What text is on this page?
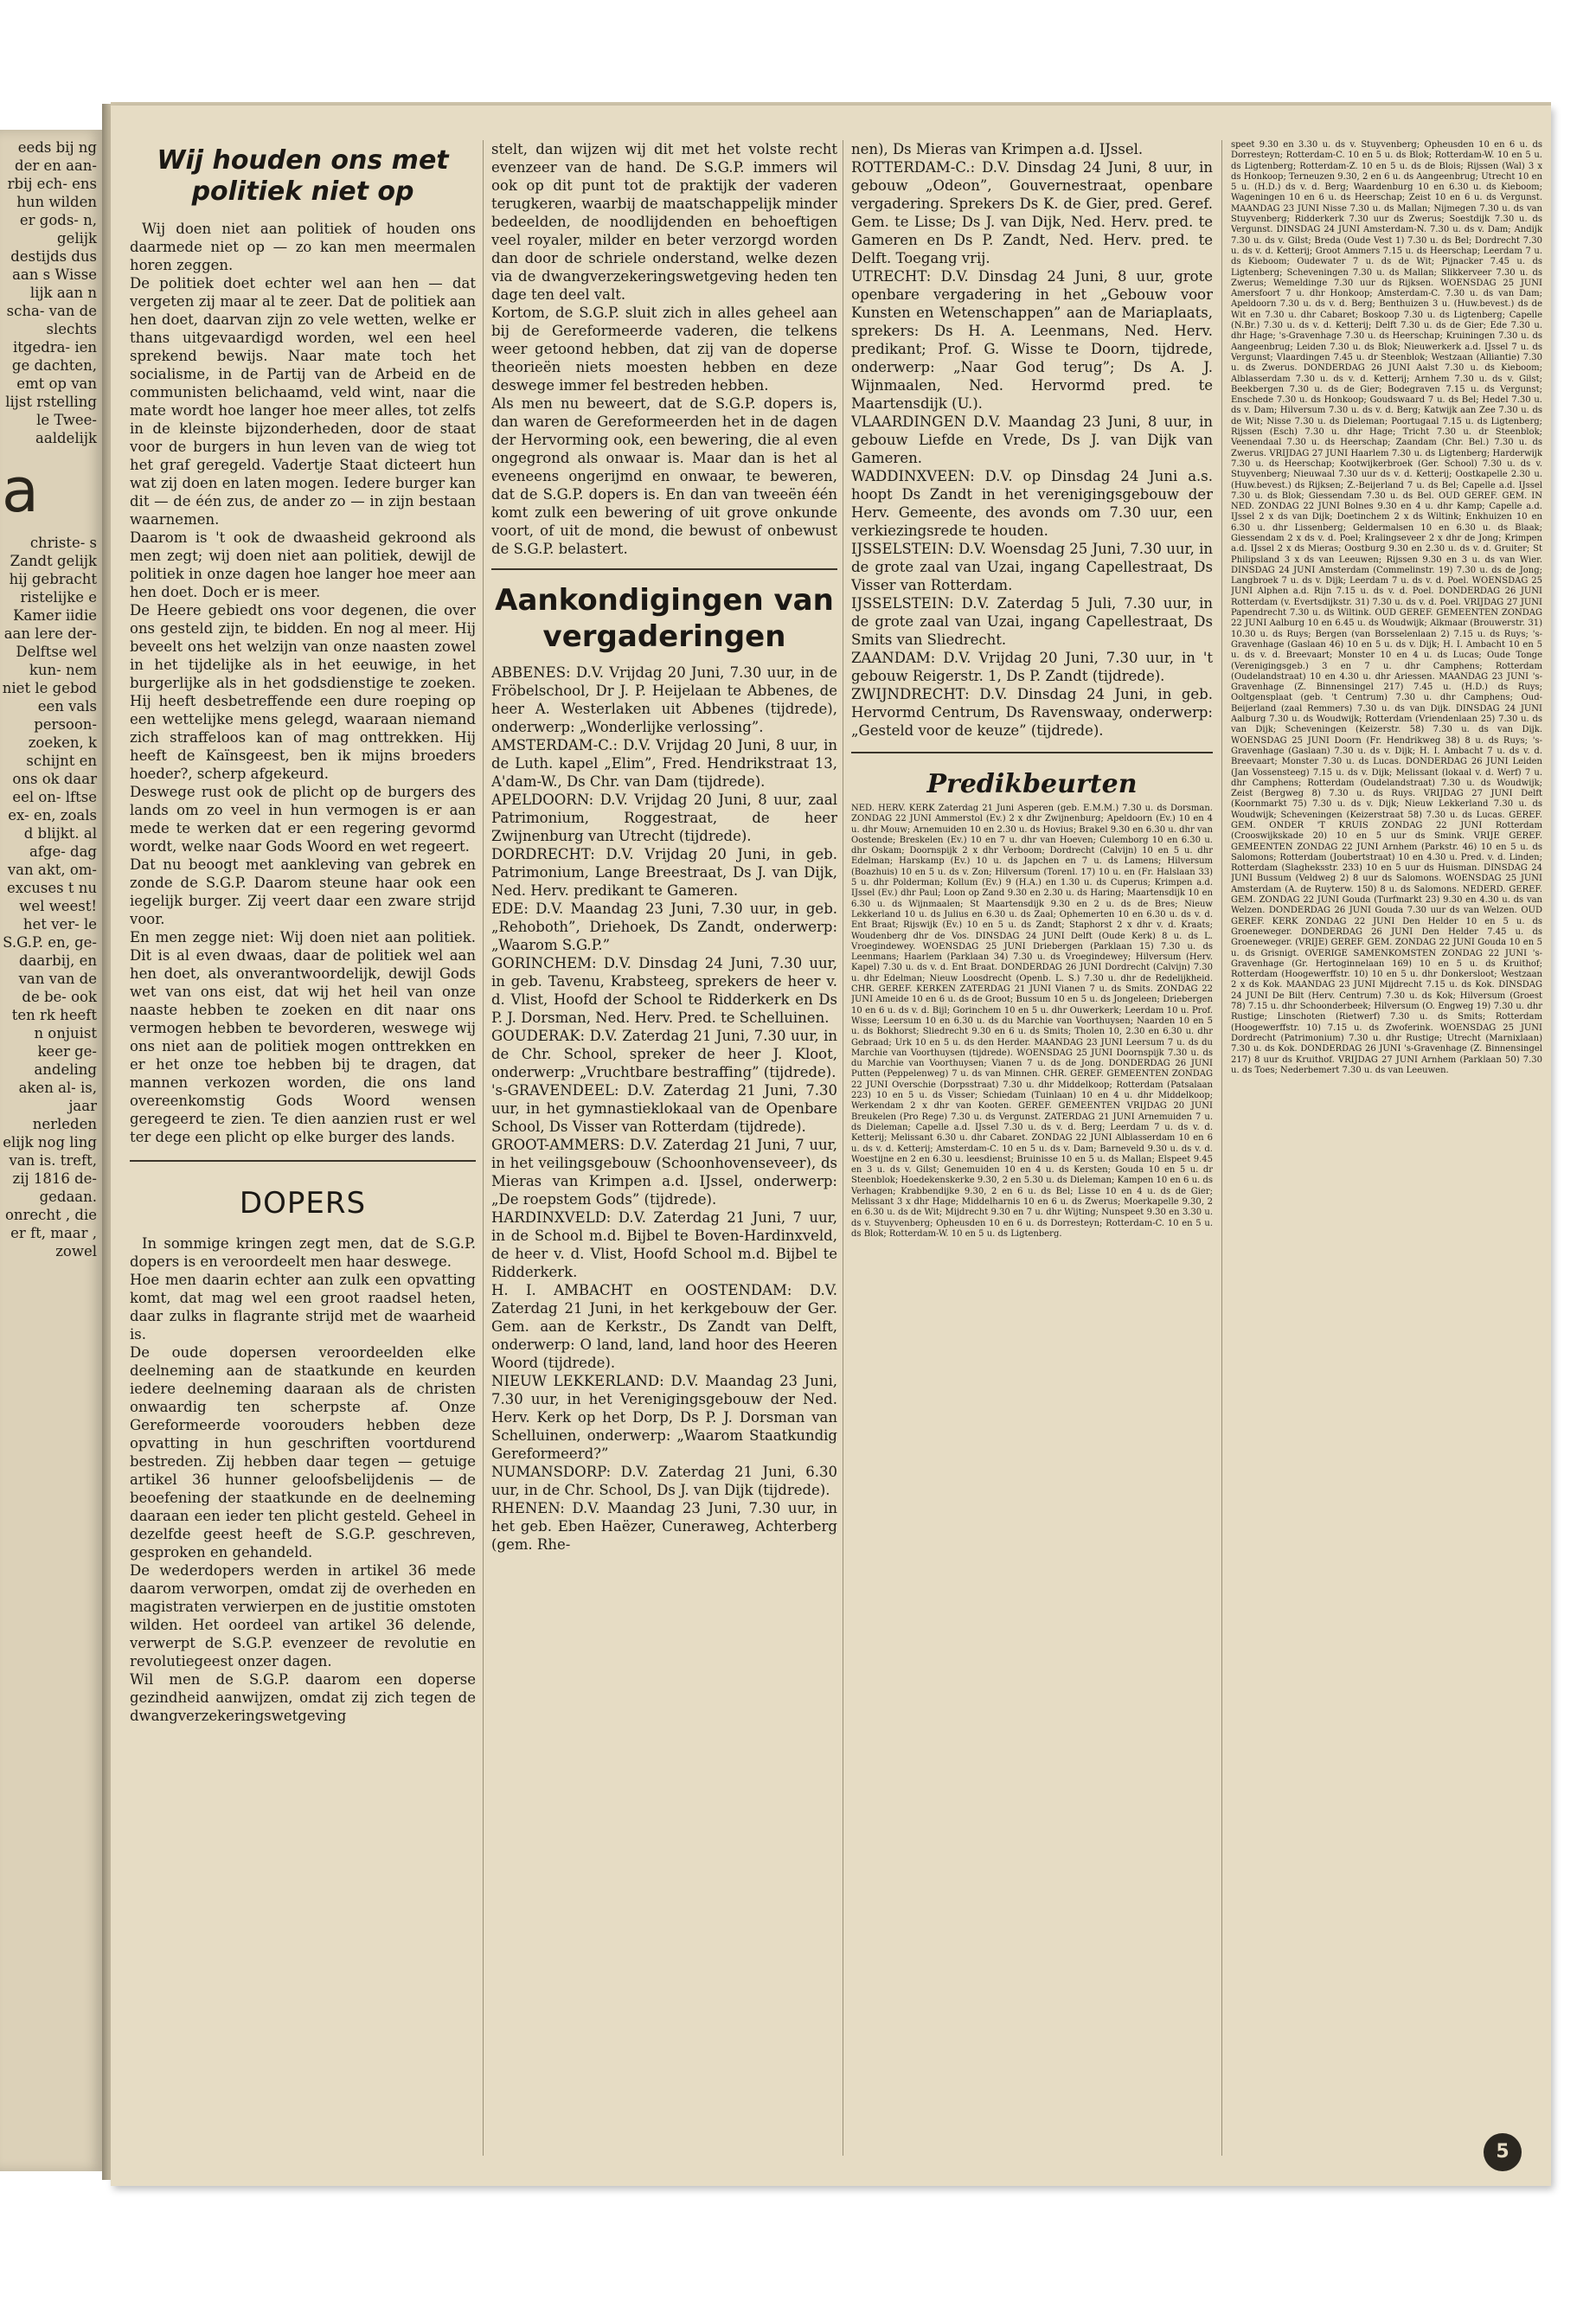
eeds bij ng der en aan- rbij ech- ens hun wilden er gods- n, gelijk destijds dus aan s Wisse lijk aan n scha- van de slechts itgedra- ien ge dachten, emt op van lijst rstelling le Twee- aaldelijk

a

christe- s Zandt gelijk hij gebracht ristelijke e Kamer iidie aan lere der- Delftse wel kun- nem niet le gebod een vals persoon- zoeken, k schijnt en ons ok daar eel on- lftse ex- en, zoals d blijkt. al afge- dag van akt, om- excuses t nu wel weest! het ver- le S.G.P. en, ge- daarbij, en van van de de be- ook ten rk heeft n onjuist keer ge- andeling aken al- is, jaar nerleden elijk nog ling van is. treft, zij 1816 de- gedaan. onrecht , die er ft, maar , zowel

Wij houden ons met politiek niet op

Wij doen niet aan politiek of houden ons daarmede niet op — zo kan men meermalen horen zeggen.

De politiek doet echter wel aan hen — dat vergeten zij maar al te zeer. Dat de politiek aan hen doet, daarvan zijn zo vele wetten, welke er thans uitgevaardigd worden, wel een heel sprekend bewijs. Naar mate toch het socialisme, in de Partij van de Arbeid en de communisten belichaamd, veld wint, naar die mate wordt hoe langer hoe meer alles, tot zelfs in de kleinste bijzonderheden, door de staat voor de burgers in hun leven van de wieg tot het graf geregeld. Vadertje Staat dicteert hun wat zij doen en laten mogen. Iedere burger kan dit — de één zus, de ander zo — in zijn bestaan waarnemen.

Daarom is 't ook de dwaasheid gekroond als men zegt; wij doen niet aan politiek, dewijl de politiek in onze dagen hoe langer hoe meer aan hen doet. Doch er is meer.

De Heere gebiedt ons voor degenen, die over ons gesteld zijn, te bidden. En nog al meer. Hij beveelt ons het welzijn van onze naasten zowel in het tijdelijke als in het eeuwige, in het burgerlijke als in het godsdienstige te zoeken. Hij heeft desbetreffende een dure roeping op een wettelijke mens gelegd, waaraan niemand zich straffeloos kan of mag onttrekken. Hij heeft de Kaïnsgeest, ben ik mijns broeders hoeder?, scherp afgekeurd.

Deswege rust ook de plicht op de burgers des lands om zo veel in hun vermogen is er aan mede te werken dat er een regering gevormd wordt, welke naar Gods Woord en wet regeert.

Dat nu beoogt met aankleving van gebrek en zonde de S.G.P. Daarom steune haar ook een iegelijk burger. Zij veert daar een zware strijd voor.

En men zegge niet: Wij doen niet aan politiek. Dit is al even dwaas, daar de politiek wel aan hen doet, als onverantwoordelijk, dewijl Gods wet van ons eist, dat wij het heil van onze naaste hebben te zoeken en dit naar ons vermogen hebben te bevorderen, weswege wij ons niet aan de politiek mogen onttrekken en er het onze toe hebben bij te dragen, dat mannen verkozen worden, die ons land overeenkomstig Gods Woord wensen geregeerd te zien. Te dien aanzien rust er wel ter dege een plicht op elke burger des lands.

DOPERS

In sommige kringen zegt men, dat de S.G.P. dopers is en veroordeelt men haar deswege.

Hoe men daarin echter aan zulk een opvatting komt, dat mag wel een groot raadsel heten, daar zulks in flagrante strijd met de waarheid is.

De oude dopersen veroordeelden elke deelneming aan de staatkunde en keurden iedere deelneming daaraan als de christen onwaardig ten scherpste af. Onze Gereformeerde voorouders hebben deze opvatting in hun geschriften voortdurend bestreden. Zij hebben daar tegen — getuige artikel 36 hunner geloofsbelijdenis — de beoefening der staatkunde en de deelneming daaraan een ieder ten plicht gesteld. Geheel in dezelfde geest heeft de S.G.P. geschreven, gesproken en gehandeld.

De wederdopers werden in artikel 36 mede daarom verworpen, omdat zij de overheden en magistraten verwierpen en de justitie omstoten wilden. Het oordeel van artikel 36 delende, verwerpt de S.G.P. evenzeer de revolutie en revolutiegeest onzer dagen.

Wil men de S.G.P. daarom een doperse gezindheid aanwijzen, omdat zij zich tegen de dwangverzekeringswetgeving

stelt, dan wijzen wij dit met het volste recht evenzeer van de hand. De S.G.P. immers wil ook op dit punt tot de praktijk der vaderen terugkeren, waarbij de maatschappelijk minder bedeelden, de noodlijdenden en behoeftigen veel royaler, milder en beter verzorgd worden dan door de schriele onderstand, welke dezen via de dwangverzekeringswetgeving heden ten dage ten deel valt.

Kortom, de S.G.P. sluit zich in alles geheel aan bij de Gereformeerde vaderen, die telkens weer getoond hebben, dat zij van de doperse theorieën niets moesten hebben en deze deswege immer fel bestreden hebben.

Als men nu beweert, dat de S.G.P. dopers is, dan waren de Gereformeerden het in de dagen der Hervorming ook, een bewering, die al even ongegrond als onwaar is. Maar dan is het al eveneens ongerijmd en onwaar, te beweren, dat de S.G.P. dopers is. En dan van tweeën één komt zulk een bewering of uit grove onkunde voort, of uit de mond, die bewust of onbewust de S.G.P. belastert.

Aankondigingen van vergaderingen

ABBENES: D.V. Vrijdag 20 Juni, 7.30 uur, in de Fröbelschool, Dr J. P. Heijelaan te Abbenes, de heer A. Westerlaken uit Abbenes (tijdrede), onderwerp: „Wonderlijke verlossing”.

AMSTERDAM-C.: D.V. Vrijdag 20 Juni, 8 uur, in de Luth. kapel „Elim”, Fred. Hendrikstraat 13, A'dam-W., Ds Chr. van Dam (tijdrede).

APELDOORN: D.V. Vrijdag 20 Juni, 8 uur, zaal Patrimonium, Roggestraat, de heer Zwijnenburg van Utrecht (tijdrede).

DORDRECHT: D.V. Vrijdag 20 Juni, in geb. Patrimonium, Lange Breestraat, Ds J. van Dijk, Ned. Herv. predikant te Gameren.

EDE: D.V. Maandag 23 Juni, 7.30 uur, in geb. „Rehoboth”, Driehoek, Ds Zandt, onderwerp: „Waarom S.G.P.”

GORINCHEM: D.V. Dinsdag 24 Juni, 7.30 uur, in geb. Tavenu, Krabsteeg, sprekers de heer v. d. Vlist, Hoofd der School te Ridderkerk en Ds P. J. Dorsman, Ned. Herv. Pred. te Schelluinen.

GOUDERAK: D.V. Zaterdag 21 Juni, 7.30 uur, in de Chr. School, spreker de heer J. Kloot, onderwerp: „Vruchtbare bestraffing” (tijdrede).

's-GRAVENDEEL: D.V. Zaterdag 21 Juni, 7.30 uur, in het gymnastieklokaal van de Openbare School, Ds Visser van Rotterdam (tijdrede).

GROOT-AMMERS: D.V. Zaterdag 21 Juni, 7 uur, in het veilingsgebouw (Schoonhovenseveer), ds Mieras van Krimpen a.d. IJssel, onderwerp: „De roepstem Gods” (tijdrede).

HARDINXVELD: D.V. Zaterdag 21 Juni, 7 uur, in de School m.d. Bijbel te Boven-Hardinxveld, de heer v. d. Vlist, Hoofd School m.d. Bijbel te Ridderkerk.

H. I. AMBACHT en OOSTENDAM: D.V. Zaterdag 21 Juni, in het kerkgebouw der Ger. Gem. aan de Kerkstr., Ds Zandt van Delft, onderwerp: O land, land, land hoor des Heeren Woord (tijdrede).

NIEUW LEKKERLAND: D.V. Maandag 23 Juni, 7.30 uur, in het Verenigingsgebouw der Ned. Herv. Kerk op het Dorp, Ds P. J. Dorsman van Schelluinen, onderwerp: „Waarom Staatkundig Gereformeerd?”

NUMANSDORP: D.V. Zaterdag 21 Juni, 6.30 uur, in de Chr. School, Ds J. van Dijk (tijdrede).

RHENEN: D.V. Maandag 23 Juni, 7.30 uur, in het geb. Eben Haëzer, Cuneraweg, Achterberg (gem. Rhe-

nen), Ds Mieras van Krimpen a.d. IJssel.

ROTTERDAM-C.: D.V. Dinsdag 24 Juni, 8 uur, in gebouw „Odeon”, Gouvernestraat, openbare vergadering. Sprekers Ds K. de Gier, pred. Geref. Gem. te Lisse; Ds J. van Dijk, Ned. Herv. pred. te Gameren en Ds P. Zandt, Ned. Herv. pred. te Delft. Toegang vrij.

UTRECHT: D.V. Dinsdag 24 Juni, 8 uur, grote openbare vergadering in het „Gebouw voor Kunsten en Wetenschappen” aan de Mariaplaats, sprekers: Ds H. A. Leenmans, Ned. Herv. predikant; Prof. G. Wisse te Doorn, tijdrede, onderwerp: „Naar God terug”; Ds A. J. Wijnmaalen, Ned. Hervormd pred. te Maartensdijk (U.).

VLAARDINGEN D.V. Maandag 23 Juni, 8 uur, in gebouw Liefde en Vrede, Ds J. van Dijk van Gameren.

WADDINXVEEN: D.V. op Dinsdag 24 Juni a.s. hoopt Ds Zandt in het verenigingsgebouw der Herv. Gemeente, des avonds om 7.30 uur, een verkiezingsrede te houden.

IJSSELSTEIN: D.V. Woensdag 25 Juni, 7.30 uur, in de grote zaal van Uzai, ingang Capellestraat, Ds Visser van Rotterdam.

IJSSELSTEIN: D.V. Zaterdag 5 Juli, 7.30 uur, in de grote zaal van Uzai, ingang Capellestraat, Ds Smits van Sliedrecht.

ZAANDAM: D.V. Vrijdag 20 Juni, 7.30 uur, in 't gebouw Reigerstr. 1, Ds P. Zandt (tijdrede).

ZWIJNDRECHT: D.V. Dinsdag 24 Juni, in geb. Hervormd Centrum, Ds Ravenswaay, onderwerp: „Gesteld voor de keuze” (tijdrede).

Predikbeurten

NED. HERV. KERK Zaterdag 21 Juni Asperen (geb. E.M.M.) 7.30 u. ds Dorsman. ZONDAG 22 JUNI Ammerstol (Ev.) 2 x dhr Zwijnenburg; Apeldoorn (Ev.) 10 en 4 u. dhr Mouw; Arnemuiden 10 en 2.30 u. ds Hovius; Brakel 9.30 en 6.30 u. dhr van Oostende; Breskelen (Ev.) 10 en 7 u. dhr van Hoeven; Culemborg 10 en 6.30 u. dhr Oskam; Doornspijk 2 x dhr Verboom; Dordrecht (Calvijn) 10 en 5 u. dhr Edelman; Harskamp (Ev.) 10 u. ds Japchen en 7 u. ds Lamens; Hilversum (Boazhuis) 10 en 5 u. ds v. Zon; Hilversum (Torenl. 17) 10 u. en (Fr. Halslaan 33) 5 u. dhr Polderman; Kollum (Ev.) 9 (H.A.) en 1.30 u. ds Cuperus; Krimpen a.d. IJssel (Ev.) dhr Paul; Loon op Zand 9.30 en 2.30 u. ds Haring; Maartensdijk 10 en 6.30 u. ds Wijnmaalen; St Maartensdijk 9.30 en 2 u. ds de Bres; Nieuw Lekkerland 10 u. ds Julius en 6.30 u. ds Zaal; Ophemerten 10 en 6.30 u. ds v. d. Ent Braat; Rijswijk (Ev.) 10 en 5 u. ds Zandt; Staphorst 2 x dhr v. d. Kraats; Woudenberg dhr de Vos. DINSDAG 24 JUNI Delft (Oude Kerk) 8 u. ds L. Vroegindewey. WOENSDAG 25 JUNI Driebergen (Parklaan 15) 7.30 u. ds Leenmans; Haarlem (Parklaan 34) 7.30 u. ds Vroegindewey; Hilversum (Herv. Kapel) 7.30 u. ds v. d. Ent Braat. DONDERDAG 26 JUNI Dordrecht (Calvijn) 7.30 u. dhr Edelman; Nieuw Loosdrecht (Openb. L. S.) 7.30 u. dhr de Redelijkheid. CHR. GEREF. KERKEN ZATERDAG 21 JUNI Vianen 7 u. ds Smits. ZONDAG 22 JUNI Ameide 10 en 6 u. ds de Groot; Bussum 10 en 5 u. ds Jongeleen; Driebergen 10 en 6 u. ds v. d. Bijl; Gorinchem 10 en 5 u. dhr Ouwerkerk; Leerdam 10 u. Prof. Wisse; Leersum 10 en 6.30 u. ds du Marchie van Voorthuysen; Naarden 10 en 5 u. ds Bokhorst; Sliedrecht 9.30 en 6 u. ds Smits; Tholen 10, 2.30 en 6.30 u. dhr Gebraad; Urk 10 en 5 u. ds den Herder. MAANDAG 23 JUNI Leersum 7 u. ds du Marchie van Voorthuysen (tijdrede). WOENSDAG 25 JUNI Doornspijk 7.30 u. ds du Marchie van Voorthuysen; Vianen 7 u. ds de Jong. DONDERDAG 26 JUNI Putten (Peppelenweg) 7 u. ds van Minnen. CHR. GEREF. GEMEENTEN ZONDAG 22 JUNI Overschie (Dorpsstraat) 7.30 u. dhr Middelkoop; Rotterdam (Patsalaan 223) 10 en 5 u. ds Visser; Schiedam (Tuinlaan) 10 en 4 u. dhr Middelkoop; Werkendam 2 x dhr van Kooten. GEREF. GEMEENTEN VRIJDAG 20 JUNI Breukelen (Pro Rege) 7.30 u. ds Vergunst. ZATERDAG 21 JUNI Arnemuiden 7 u. ds Dieleman; Capelle a.d. IJssel 7.30 u. ds v. d. Berg; Leerdam 7 u. ds v. d. Ketterij; Melissant 6.30 u. dhr Cabaret. ZONDAG 22 JUNI Alblasserdam 10 en 6 u. ds v. d. Ketterij; Amsterdam-C. 10 en 5 u. ds v. Dam; Barneveld 9.30 u. ds v. d. Woestijne en 2 en 6.30 u. leesdienst; Bruinisse 10 en 5 u. ds Mallan; Elspeet 9.45 en 3 u. ds v. Gilst; Genemuiden 10 en 4 u. ds Kersten; Gouda 10 en 5 u. dr Steenblok; Hoedekenskerke 9.30, 2 en 5.30 u. ds Dieleman; Kampen 10 en 6 u. ds Verhagen; Krabbendijke 9.30, 2 en 6 u. ds Bel; Lisse 10 en 4 u. ds de Gier; Melissant 3 x dhr Hage; Middelharnis 10 en 6 u. ds Zwerus; Moerkapelle 9.30, 2 en 6.30 u. ds de Wit; Mijdrecht 9.30 en 7 u. dhr Wijting; Nunspeet 9.30 en 3.30 u. ds v. Stuyvenberg; Opheusden 10 en 6 u. ds Dorresteyn; Rotterdam-C. 10 en 5 u. ds Blok; Rotterdam-W. 10 en 5 u. ds Ligtenberg.

speet 9.30 en 3.30 u. ds v. Stuyvenberg; Opheusden 10 en 6 u. ds Dorresteyn; Rotterdam-C. 10 en 5 u. ds Blok; Rotterdam-W. 10 en 5 u. ds Ligtenberg; Rotterdam-Z. 10 en 5 u. ds de Blois; Rijssen (Wal) 3 x ds Honkoop; Terneuzen 9.30, 2 en 6 u. ds Aangeenbrug; Utrecht 10 en 5 u. (H.D.) ds v. d. Berg; Waardenburg 10 en 6.30 u. ds Kieboom; Wageningen 10 en 6 u. ds Heerschap; Zeist 10 en 6 u. ds Vergunst. MAANDAG 23 JUNI Nisse 7.30 u. ds Mallan; Nijmegen 7.30 u. ds van Stuyvenberg; Ridderkerk 7.30 uur ds Zwerus; Soestdijk 7.30 u. ds Vergunst. DINSDAG 24 JUNI Amsterdam-N. 7.30 u. ds v. Dam; Andijk 7.30 u. ds v. Gilst; Breda (Oude Vest 1) 7.30 u. ds Bel; Dordrecht 7.30 u. ds v. d. Ketterij; Groot Ammers 7.15 u. ds Heerschap; Leerdam 7 u. ds Kieboom; Oudewater 7 u. ds de Wit; Pijnacker 7.45 u. ds Ligtenberg; Scheveningen 7.30 u. ds Mallan; Slikkerveer 7.30 u. ds Zwerus; Wemeldinge 7.30 uur ds Rijksen. WOENSDAG 25 JUNI Amersfoort 7 u. dhr Honkoop; Amsterdam-C. 7.30 u. ds van Dam; Apeldoorn 7.30 u. ds v. d. Berg; Benthuizen 3 u. (Huw.bevest.) ds de Wit en 7.30 u. dhr Cabaret; Boskoop 7.30 u. ds Ligtenberg; Capelle (N.Br.) 7.30 u. ds v. d. Ketterij; Delft 7.30 u. ds de Gier; Ede 7.30 u. dhr Hage; 's-Gravenhage 7.30 u. ds Heerschap; Kruiningen 7.30 u. ds Aangeenbrug; Leiden 7.30 u. ds Blok; Nieuwerkerk a.d. IJssel 7 u. ds Vergunst; Vlaardingen 7.45 u. dr Steenblok; Westzaan (Alliantie) 7.30 u. ds Zwerus. DONDERDAG 26 JUNI Aalst 7.30 u. ds Kieboom; Alblasserdam 7.30 u. ds v. d. Ketterij; Arnhem 7.30 u. ds v. Gilst; Beekbergen 7.30 u. ds de Gier; Bodegraven 7.15 u. ds Vergunst; Enschede 7.30 u. ds Honkoop; Goudswaard 7 u. ds Bel; Hedel 7.30 u. ds v. Dam; Hilversum 7.30 u. ds v. d. Berg; Katwijk aan Zee 7.30 u. ds de Wit; Nisse 7.30 u. ds Dieleman; Poortugaal 7.15 u. ds Ligtenberg; Rijssen (Esch) 7.30 u. dhr Hage; Tricht 7.30 u. dr Steenblok; Veenendaal 7.30 u. ds Heerschap; Zaandam (Chr. Bel.) 7.30 u. ds Zwerus. VRIJDAG 27 JUNI Haarlem 7.30 u. ds Ligtenberg; Harderwijk 7.30 u. ds Heerschap; Kootwijkerbroek (Ger. School) 7.30 u. ds v. Stuyvenberg; Nieuwaal 7.30 uur ds v. d. Ketterij; Oostkapelle 2.30 u. (Huw.bevest.) ds Rijksen; Z.-Beijerland 7 u. ds Bel; Capelle a.d. IJssel 7.30 u. ds Blok; Giessendam 7.30 u. ds Bel. OUD GEREF. GEM. IN NED. ZONDAG 22 JUNI Bolnes 9.30 en 4 u. dhr Kamp; Capelle a.d. IJssel 2 x ds van Dijk; Doetinchem 2 x ds Wiltink; Enkhuizen 10 en 6.30 u. dhr Lissenberg; Geldermalsen 10 en 6.30 u. ds Blaak; Giessendam 2 x ds v. d. Poel; Kralingseveer 2 x dhr de Jong; Krimpen a.d. IJssel 2 x ds Mieras; Oostburg 9.30 en 2.30 u. ds v. d. Gruiter; St Philipsland 3 x ds van Leeuwen; Rijssen 9.30 en 3 u. ds van Wier. DINSDAG 24 JUNI Amsterdam (Commelinstr. 19) 7.30 u. ds de Jong; Langbroek 7 u. ds v. Dijk; Leerdam 7 u. ds v. d. Poel. WOENSDAG 25 JUNI Alphen a.d. Rijn 7.15 u. ds v. d. Poel. DONDERDAG 26 JUNI Rotterdam (v. Evertsdijkstr. 31) 7.30 u. ds v. d. Poel. VRIJDAG 27 JUNI Papendrecht 7.30 u. ds Wiltink. OUD GEREF. GEMEENTEN ZONDAG 22 JUNI Aalburg 10 en 6.45 u. ds Woudwijk; Alkmaar (Brouwerstr. 31) 10.30 u. ds Ruys; Bergen (van Borsselenlaan 2) 7.15 u. ds Ruys; 's-Gravenhage (Gaslaan 46) 10 en 5 u. ds v. Dijk; H. I. Ambacht 10 en 5 u. ds v. d. Breevaart; Monster 10 en 4 u. ds Lucas; Oude Tonge (Verenigingsgeb.) 3 en 7 u. dhr Camphens; Rotterdam (Oudelandstraat) 10 en 4.30 u. dhr Ariessen. MAANDAG 23 JUNI 's-Gravenhage (Z. Binnensingel 217) 7.45 u. (H.D.) ds Ruys; Ooltgensplaat (geb. 't Centrum) 7.30 u. dhr Camphens; Oud-Beijerland (zaal Remmers) 7.30 u. ds van Dijk. DINSDAG 24 JUNI Aalburg 7.30 u. ds Woudwijk; Rotterdam (Vriendenlaan 25) 7.30 u. ds van Dijk; Scheveningen (Keizerstr. 58) 7.30 u. ds van Dijk. WOENSDAG 25 JUNI Doorn (Fr. Hendrikweg 38) 8 u. ds Ruys; 's-Gravenhage (Gaslaan) 7.30 u. ds v. Dijk; H. I. Ambacht 7 u. ds v. d. Breevaart; Monster 7.30 u. ds Lucas. DONDERDAG 26 JUNI Leiden (Jan Vossensteeg) 7.15 u. ds v. Dijk; Melissant (lokaal v. d. Werf) 7 u. dhr Camphens; Rotterdam (Oudelandstraat) 7.30 u. ds Woudwijk; Zeist (Bergweg 8) 7.30 u. ds Ruys. VRIJDAG 27 JUNI Delft (Koornmarkt 75) 7.30 u. ds v. Dijk; Nieuw Lekkerland 7.30 u. ds Woudwijk; Scheveningen (Keizerstraat 58) 7.30 u. ds Lucas. GEREF. GEM. ONDER 'T KRUIS ZONDAG 22 JUNI Rotterdam (Crooswijkskade 20) 10 en 5 uur ds Smink. VRIJE GEREF. GEMEENTEN ZONDAG 22 JUNI Arnhem (Parkstr. 46) 10 en 5 u. ds Salomons; Rotterdam (Joubertstraat) 10 en 4.30 u. Pred. v. d. Linden; Rotterdam (Slagheksstr. 233) 10 en 5 uur ds Huisman. DINSDAG 24 JUNI Bussum (Veldweg 2) 8 uur ds Salomons. WOENSDAG 25 JUNI Amsterdam (A. de Ruyterw. 150) 8 u. ds Salomons. NEDERD. GEREF. GEM. ZONDAG 22 JUNI Gouda (Turfmarkt 23) 9.30 en 4.30 u. ds van Welzen. DONDERDAG 26 JUNI Gouda 7.30 uur ds van Welzen. OUD GEREF. KERK ZONDAG 22 JUNI Den Helder 10 en 5 u. ds Groeneweger. DONDERDAG 26 JUNI Den Helder 7.45 u. ds Groeneweger. (VRIJE) GEREF. GEM. ZONDAG 22 JUNI Gouda 10 en 5 u. ds Grisnigt. OVERIGE SAMENKOMSTEN ZONDAG 22 JUNI 's-Gravenhage (Gr. Hertoginnelaan 169) 10 en 5 u. ds Kruithof; Rotterdam (Hoogewerffstr. 10) 10 en 5 u. dhr Donkersloot; Westzaan 2 x ds Kok. MAANDAG 23 JUNI Mijdrecht 7.15 u. ds Kok. DINSDAG 24 JUNI De Bilt (Herv. Centrum) 7.30 u. ds Kok; Hilversum (Groest 78) 7.15 u. dhr Schoonderbeek; Hilversum (O. Engweg 19) 7.30 u. dhr Rustige; Linschoten (Rietwerf) 7.30 u. ds Smits; Rotterdam (Hoogewerffstr. 10) 7.15 u. ds Zwoferink. WOENSDAG 25 JUNI Dordrecht (Patrimonium) 7.30 u. dhr Rustige; Utrecht (Marnixlaan) 7.30 u. ds Kok. DONDERDAG 26 JUNI 's-Gravenhage (Z. Binnensingel 217) 8 uur ds Kruithof. VRIJDAG 27 JUNI Arnhem (Parklaan 50) 7.30 u. ds Toes; Nederbemert 7.30 u. ds van Leeuwen.

5
